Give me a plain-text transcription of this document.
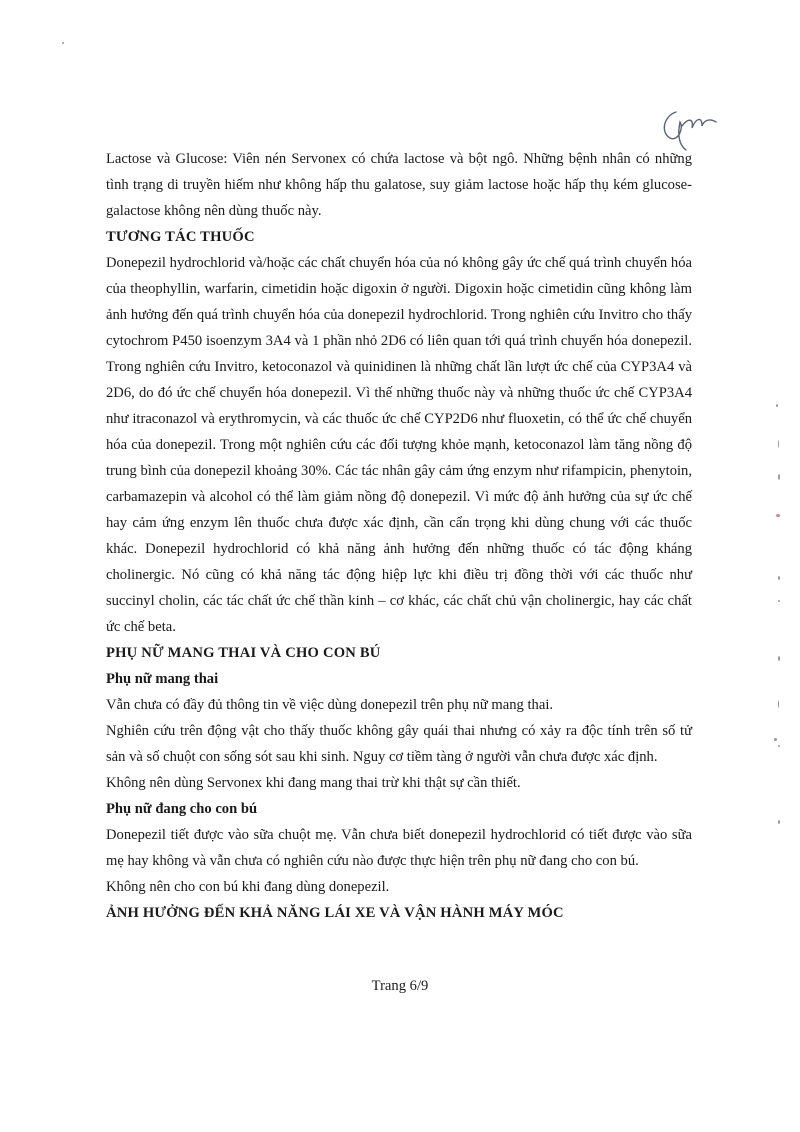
Lactose và Glucose: Viên nén Servonex có chứa lactose và bột ngô. Những bệnh nhân có những tình trạng di truyền hiếm như không hấp thu galatose, suy giảm lactose hoặc hấp thụ kém glucose-galactose không nên dùng thuốc này.

TƯƠNG TÁC THUỐC

Donepezil hydrochlorid và/hoặc các chất chuyển hóa của nó không gây ức chế quá trình chuyển hóa của theophyllin, warfarin, cimetidin hoặc digoxin ở người. Digoxin hoặc cimetidin cũng không làm ảnh hưởng đến quá trình chuyển hóa của donepezil hydrochlorid. Trong nghiên cứu Invitro cho thấy cytochrom P450 isoenzym 3A4 và 1 phần nhỏ 2D6 có liên quan tới quá trình chuyển hóa donepezil. Trong nghiên cứu Invitro, ketoconazol và quinidinen là những chất lần lượt ức chế của CYP3A4 và 2D6, do đó ức chế chuyển hóa donepezil. Vì thế những thuốc này và những thuốc ức chế CYP3A4 như itraconazol và erythromycin, và các thuốc ức chế CYP2D6 như fluoxetin, có thể ức chế chuyển hóa của donepezil. Trong một nghiên cứu các đối tượng khỏe mạnh, ketoconazol làm tăng nồng độ trung bình của donepezil khoảng 30%. Các tác nhân gây cảm ứng enzym như rifampicin, phenytoin, carbamazepin và alcohol có thể làm giảm nồng độ donepezil. Vì mức độ ảnh hưởng của sự ức chế hay cảm ứng enzym lên thuốc chưa được xác định, cần cẩn trọng khi dùng chung với các thuốc khác. Donepezil hydrochlorid có khả năng ảnh hưởng đến những thuốc có tác động kháng cholinergic. Nó cũng có khả năng tác động hiệp lực khi điều trị đồng thời với các thuốc như succinyl cholin, các tác chất ức chế thần kinh – cơ khác, các chất chủ vận cholinergic, hay các chất ức chế beta.

PHỤ NỮ MANG THAI VÀ CHO CON BÚ

Phụ nữ mang thai

Vẫn chưa có đầy đủ thông tin về việc dùng donepezil trên phụ nữ mang thai.

Nghiên cứu trên động vật cho thấy thuốc không gây quái thai nhưng có xảy ra độc tính trên số tử sản và số chuột con sống sót sau khi sinh. Nguy cơ tiềm tàng ở người vẫn chưa được xác định.

Không nên dùng Servonex khi đang mang thai trừ khi thật sự cần thiết.

Phụ nữ đang cho con bú

Donepezil tiết được vào sữa chuột mẹ. Vẫn chưa biết donepezil hydrochlorid có tiết được vào sữa mẹ hay không và vẫn chưa có nghiên cứu nào được thực hiện trên phụ nữ đang cho con bú.

Không nên cho con bú khi đang dùng donepezil.

ẢNH HƯỞNG ĐẾN KHẢ NĂNG LÁI XE VÀ VẬN HÀNH MÁY MÓC

Trang 6/9
